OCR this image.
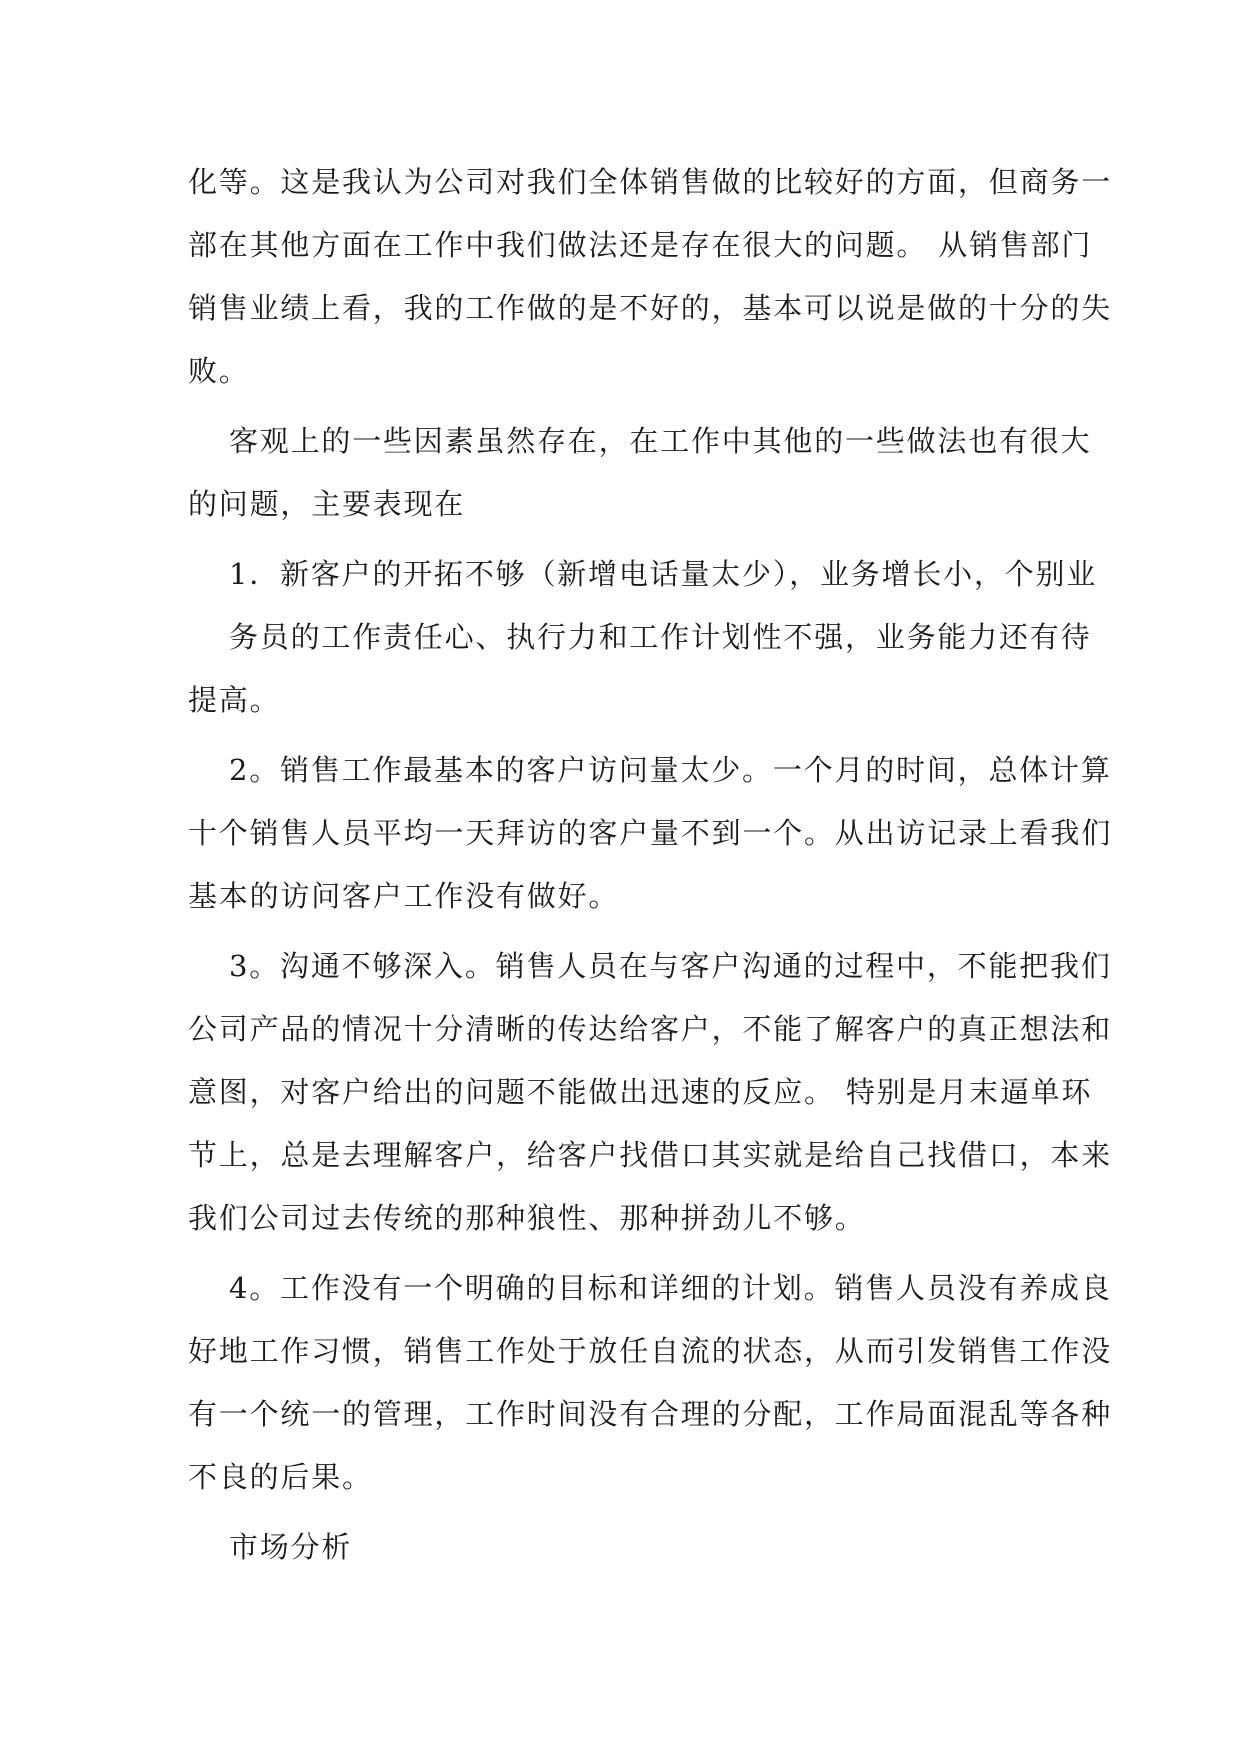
化等。这是我认为公司对我们全体销售做的比较好的方面，但商务一

部在其他方面在工作中我们做法还是存在很大的问题。 从销售部门

销售业绩上看，我的工作做的是不好的，基本可以说是做的十分的失

败。

客观上的一些因素虽然存在，在工作中其他的一些做法也有很大

的问题，主要表现在

1．新客户的开拓不够（新增电话量太少），业务增长小，个别业

务员的工作责任心、执行力和工作计划性不强，业务能力还有待

提高。

2。销售工作最基本的客户访问量太少。一个月的时间，总体计算

十个销售人员平均一天拜访的客户量不到一个。从出访记录上看我们

基本的访问客户工作没有做好。

3。沟通不够深入。销售人员在与客户沟通的过程中，不能把我们

公司产品的情况十分清晰的传达给客户，不能了解客户的真正想法和

意图，对客户给出的问题不能做出迅速的反应。 特别是月末逼单环

节上，总是去理解客户，给客户找借口其实就是给自己找借口，本来

我们公司过去传统的那种狼性、那种拼劲儿不够。

4。工作没有一个明确的目标和详细的计划。销售人员没有养成良

好地工作习惯，销售工作处于放任自流的状态，从而引发销售工作没

有一个统一的管理，工作时间没有合理的分配，工作局面混乱等各种

不良的后果。

市场分析
